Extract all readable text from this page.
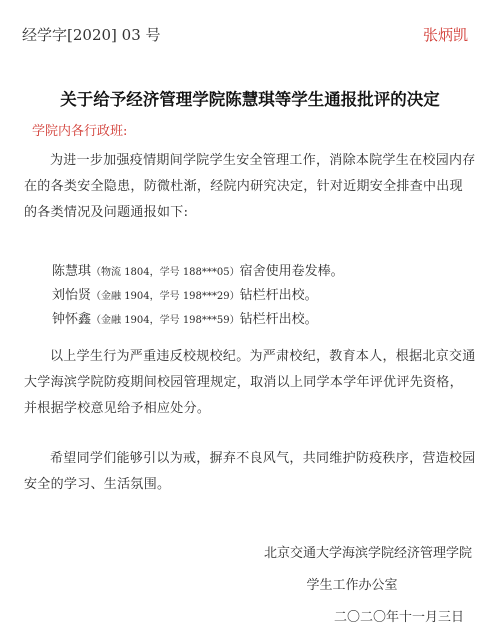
经学字[2020] 03 号	张炳凯
关于给予经济管理学院陈慧琪等学生通报批评的决定
学院内各行政班:

为进一步加强疫情期间学院学生安全管理工作，消除本院学生在校园内存在的各类安全隐患，防微杜渐，经院内研究决定，针对近期安全排查中出现的各类情况及问题通报如下:

陈慧琪（物流 1804，学号 188***05）宿舍使用卷发棒。
刘怡贤（金融 1904，学号 198***29）钻栏杆出校。
钟怀鑫（金融 1904，学号 198***59）钻栏杆出校。

以上学生行为严重违反校规校纪。为严肃校纪，教育本人，根据北京交通大学海滨学院防疫期间校园管理规定，取消以上同学本学年评优评先资格，并根据学校意见给予相应处分。

希望同学们能够引以为戒，摒弃不良风气，共同维护防疫秩序，营造校园安全的学习、生活氛围。

北京交通大学海滨学院经济管理学院
学生工作办公室
二〇二〇年十一月三日
